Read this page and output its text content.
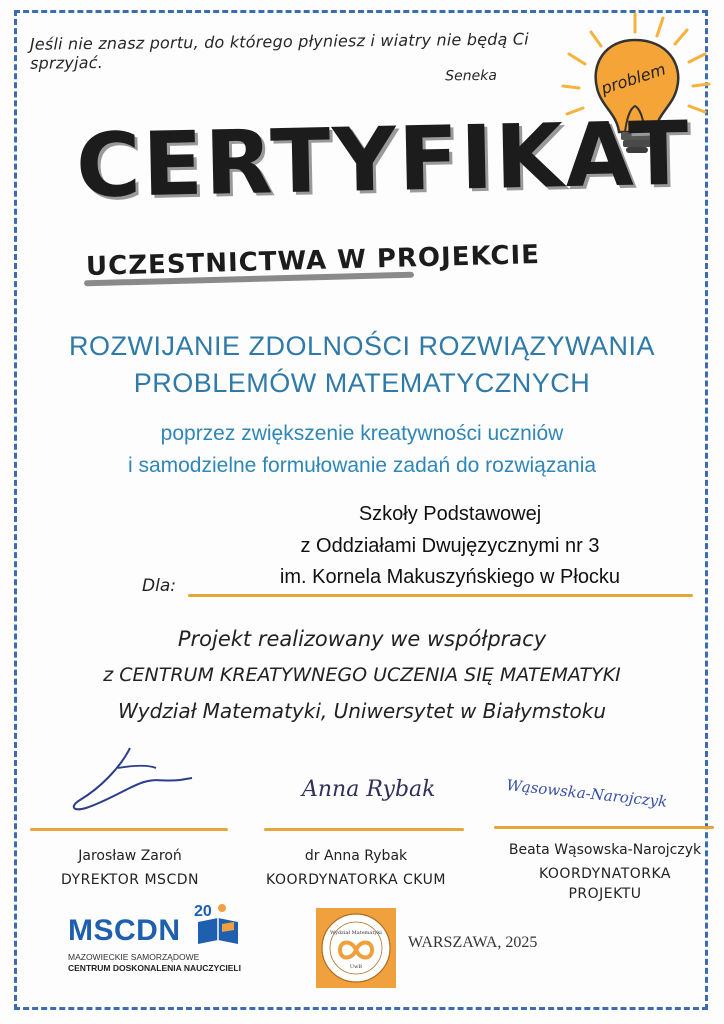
Jeśli nie znasz portu, do którego płyniesz i wiatry nie będą Ci sprzyjać.
Seneka	problem
CERTYFIKAT
UCZESTNICTWA W PROJEKCIE
ROZWIJANIE ZDOLNOŚCI ROZWIĄZYWANIA
PROBLEMÓW MATEMATYCZNYCH
poprzez zwiększenie kreatywności uczniów
i samodzielne formułowanie zadań do rozwiązania
Szkoły Podstawowej
z Oddziałami Dwujęzycznymi nr 3
im. Kornela Makuszyńskiego w Płocku
Dla:
Projekt realizowany we współpracy
z CENTRUM KREATYWNEGO UCZENIA SIĘ MATEMATYKI
Wydział Matematyki, Uniwersytet w Białymstoku
Anna Rybak	Wąsowska-Narojczyk
Jarosław Zaroń
DYREKTOR MSCDN
dr Anna Rybak
KOORDYNATORKA CKUM
Beata Wąsowska-Narojczyk
KOORDYNATORKA PROJEKTU
MSCDN
20
MAZOWIECKIE SAMORZĄDOWE
CENTRUM DOSKONALENIA NAUCZYCIELI
Wydział Matematyki
UwB
WARSZAWA, 2025
